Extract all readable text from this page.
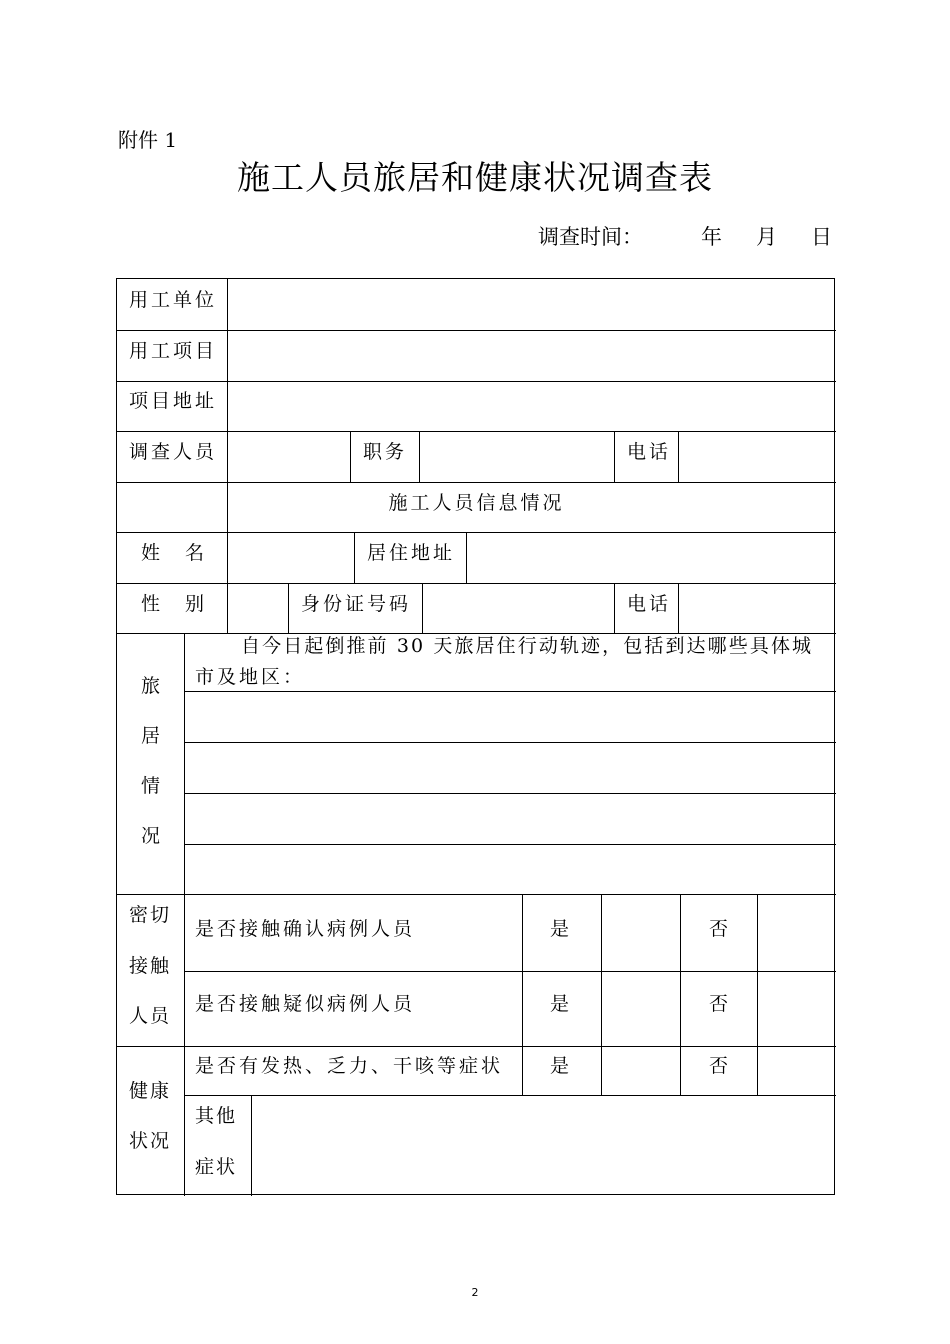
附件 1
施工人员旅居和健康状况调查表
调查时间：	年 月 日
用工单位
用工项目
项目地址
调查人员	职务	电话
施工人员信息情况
姓 名	居住地址
性 别	身份证号码	电话
旅
居
情
况
自今日起倒推前 30 天旅居住行动轨迹，包括到达哪些具体城
市及地区：
密切
接触
人员
是否接触确认病例人员	是	否
是否接触疑似病例人员	是	否
健康
状况
是否有发热、乏力、干咳等症状 是	否
其他
症状
2
